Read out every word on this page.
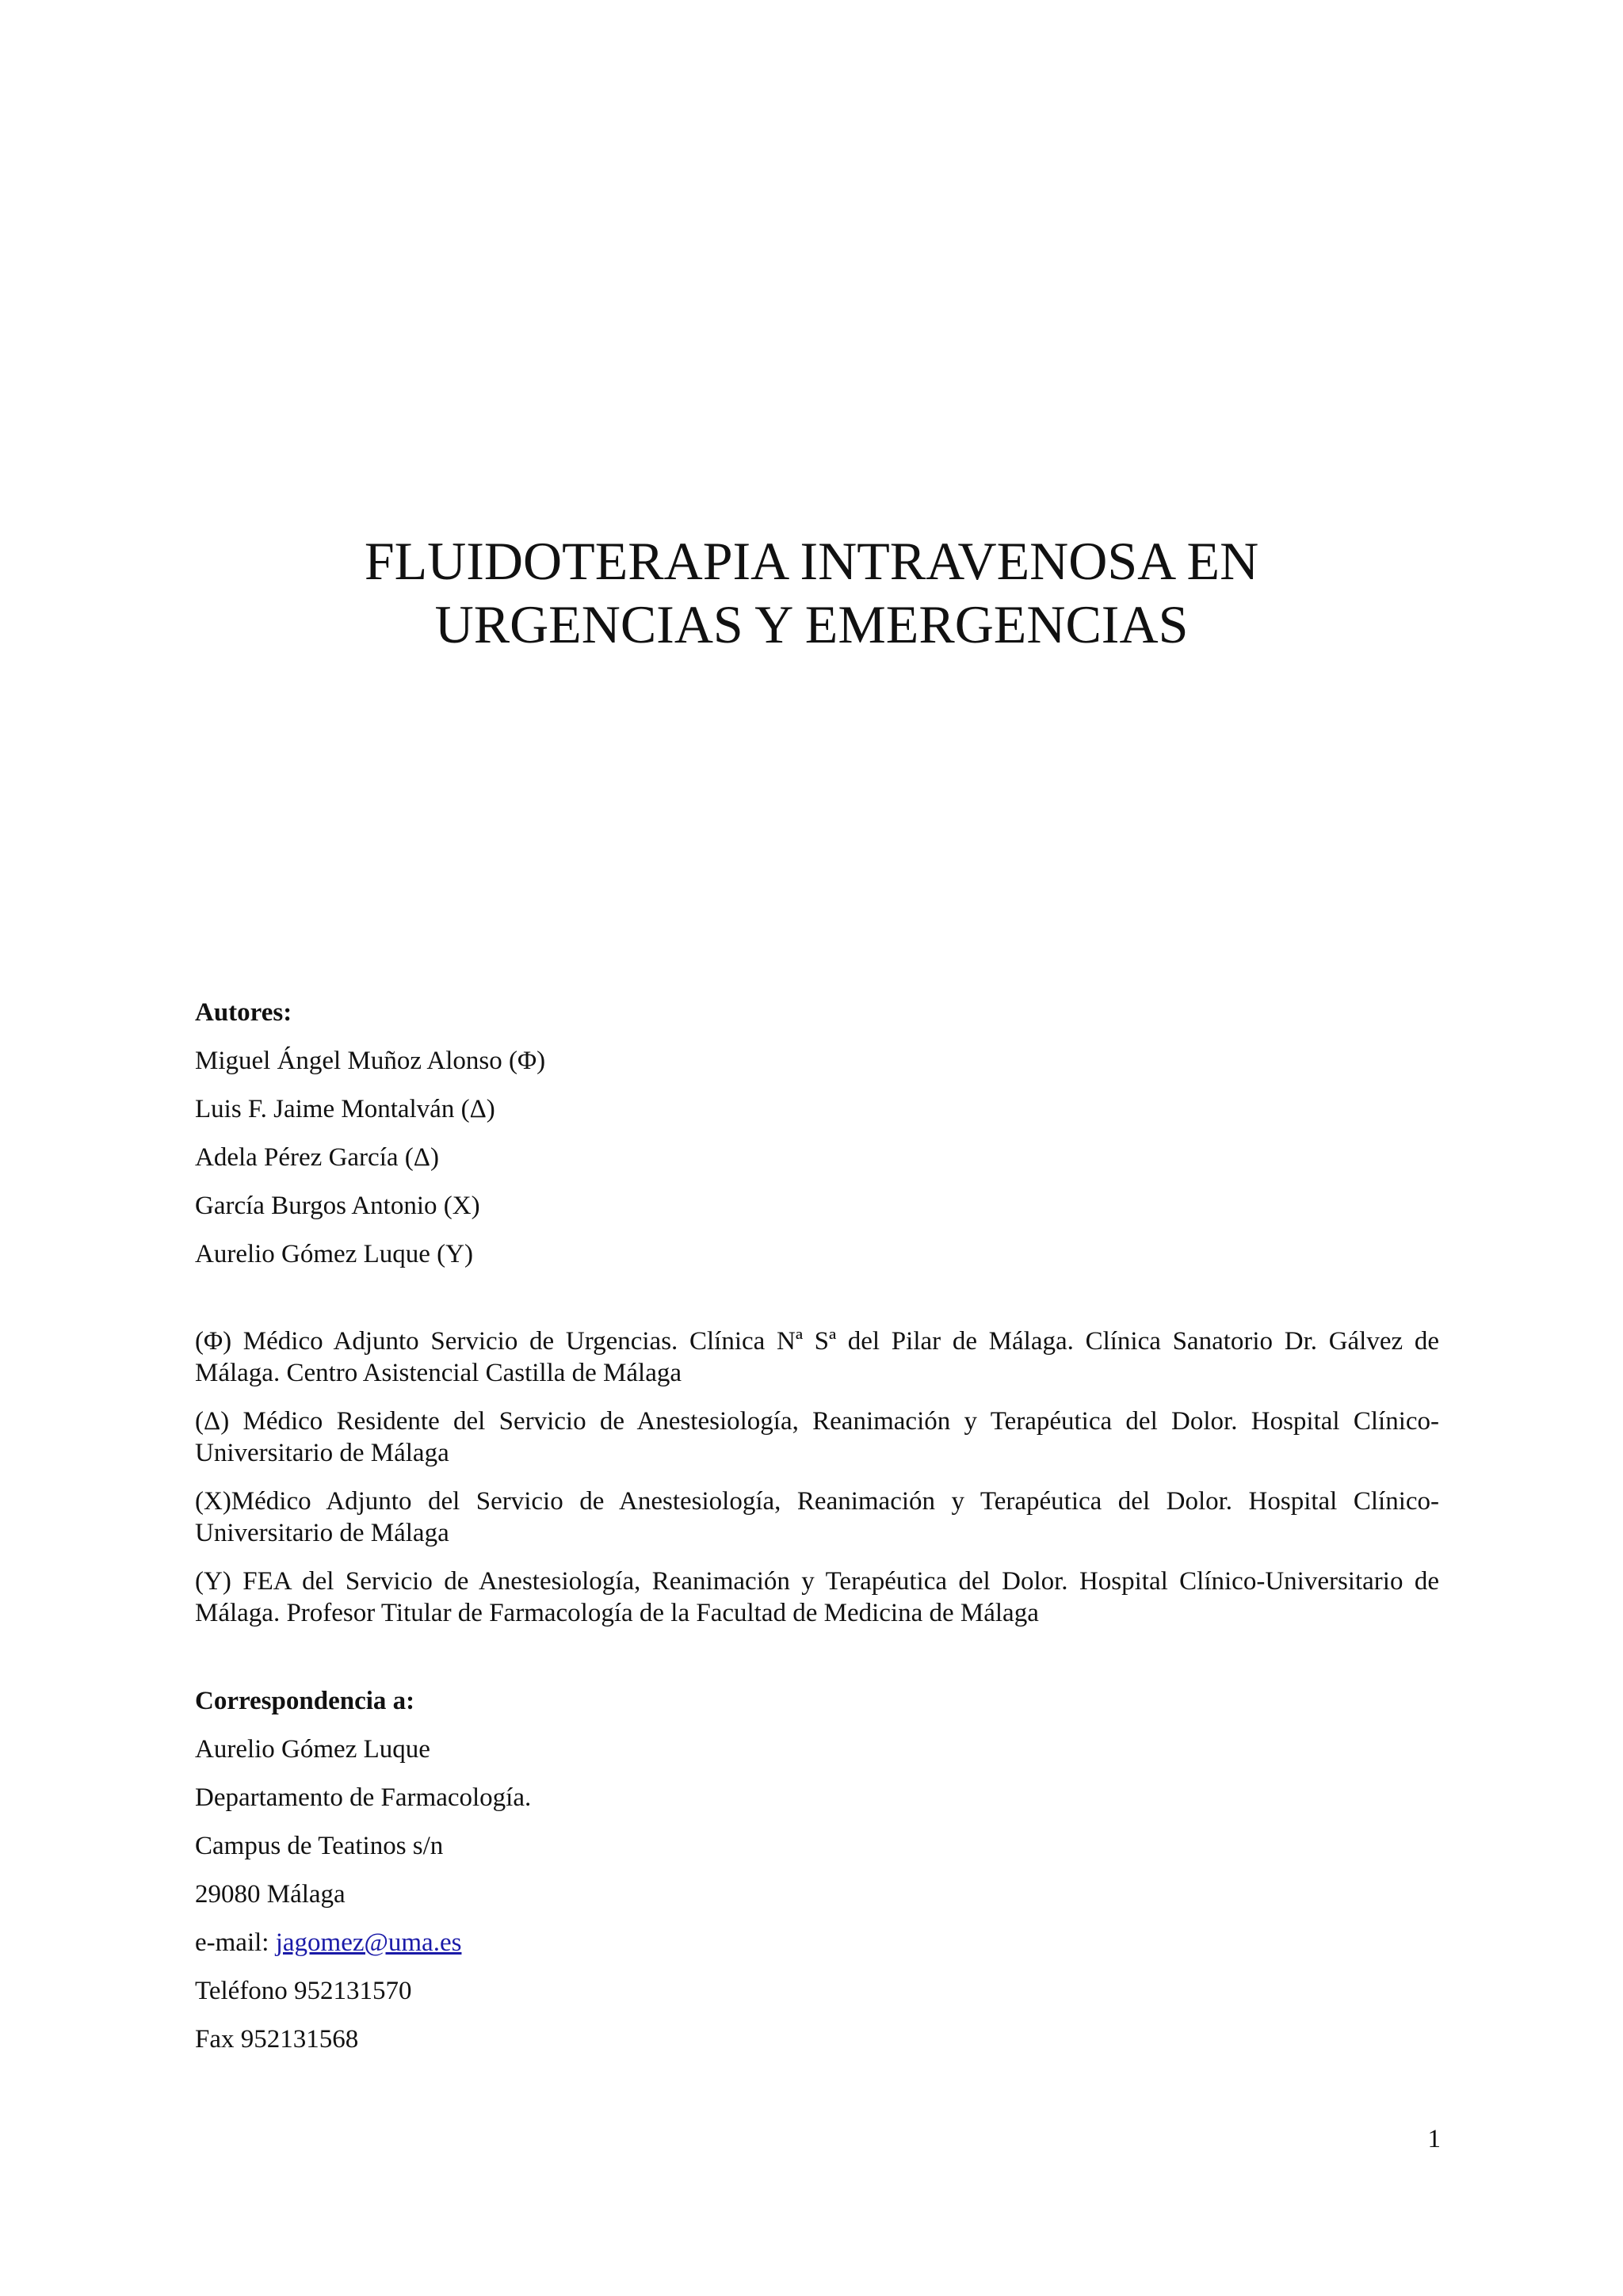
FLUIDOTERAPIA INTRAVENOSA EN
URGENCIAS Y EMERGENCIAS
Autores:
Miguel Ángel Muñoz Alonso (Φ)
Luis F. Jaime Montalván (Δ)
Adela Pérez García (Δ)
García Burgos Antonio (X)
Aurelio Gómez Luque (Y)
(Φ) Médico Adjunto Servicio de Urgencias. Clínica Nª Sª del Pilar de Málaga. Clínica Sanatorio Dr. Gálvez de Málaga. Centro Asistencial Castilla de Málaga
(Δ) Médico Residente del Servicio de Anestesiología, Reanimación y Terapéutica del Dolor. Hospital Clínico-Universitario de Málaga
(X)Médico Adjunto del Servicio de Anestesiología, Reanimación y Terapéutica del Dolor. Hospital Clínico-Universitario de Málaga
(Y) FEA del Servicio de Anestesiología, Reanimación y Terapéutica del Dolor. Hospital Clínico-Universitario de Málaga. Profesor Titular de Farmacología de la Facultad de Medicina de Málaga
Correspondencia a:
Aurelio Gómez Luque
Departamento de Farmacología.
Campus de Teatinos s/n
29080 Málaga
e-mail: jagomez@uma.es
Teléfono 952131570
Fax 952131568
1
